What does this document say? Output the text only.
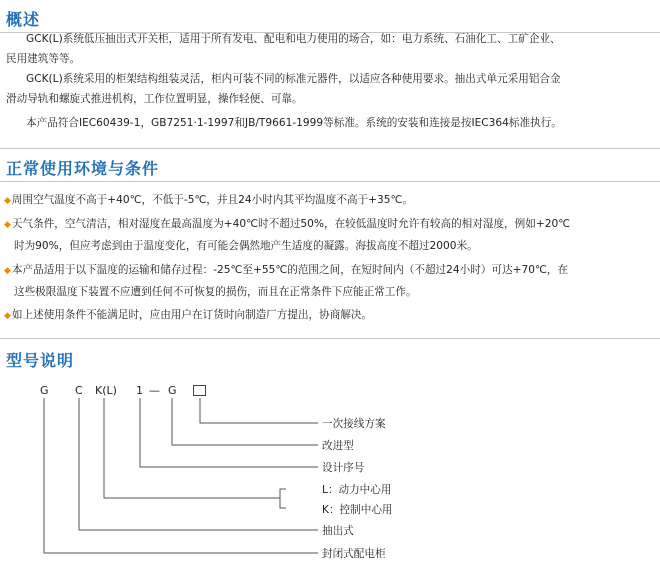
概述

GCK(L)系统低压抽出式开关柜，适用于所有发电、配电和电力使用的场合，如：电力系统、石油化工、工矿企业、

民用建筑等等。

GCK(L)系统采用的柜架结构组装灵活，柜内可装不同的标准元器件，以适应各种使用要求。抽出式单元采用铝合金

滑动导轨和螺旋式推进机构，工作位置明显，操作轻便、可靠。

本产品符合IEC60439-1，GB7251·1-1997和JB/T9661-1999等标准。系统的安装和连接是按IEC364标准执行。

正常使用环境与条件

◆周围空气温度不高于+40℃，不低于-5℃，并且24小时内其平均温度不高于+35℃。

◆天气条件，空气清洁，相对湿度在最高温度为+40℃时不超过50%，在较低温度时允许有较高的相对湿度，例如+20℃

时为90%，但应考虑到由于温度变化，有可能会偶然地产生适度的凝露。海拔高度不超过2000米。

◆本产品适用于以下温度的运输和储存过程：-25℃至+55℃的范围之间，在短时间内（不超过24小时）可达+70℃，在

这些极限温度下装置不应遭到任何不可恢复的损伤，而且在正常条件下应能正常工作。

◆如上述使用条件不能满足时，应由用户在订货时向制造厂方提出，协商解决。

型号说明
G C K(L) 1 — G
一次接线方案
改进型
设计序号
L：动力中心用
K：控制中心用
抽出式
封闭式配电柜
